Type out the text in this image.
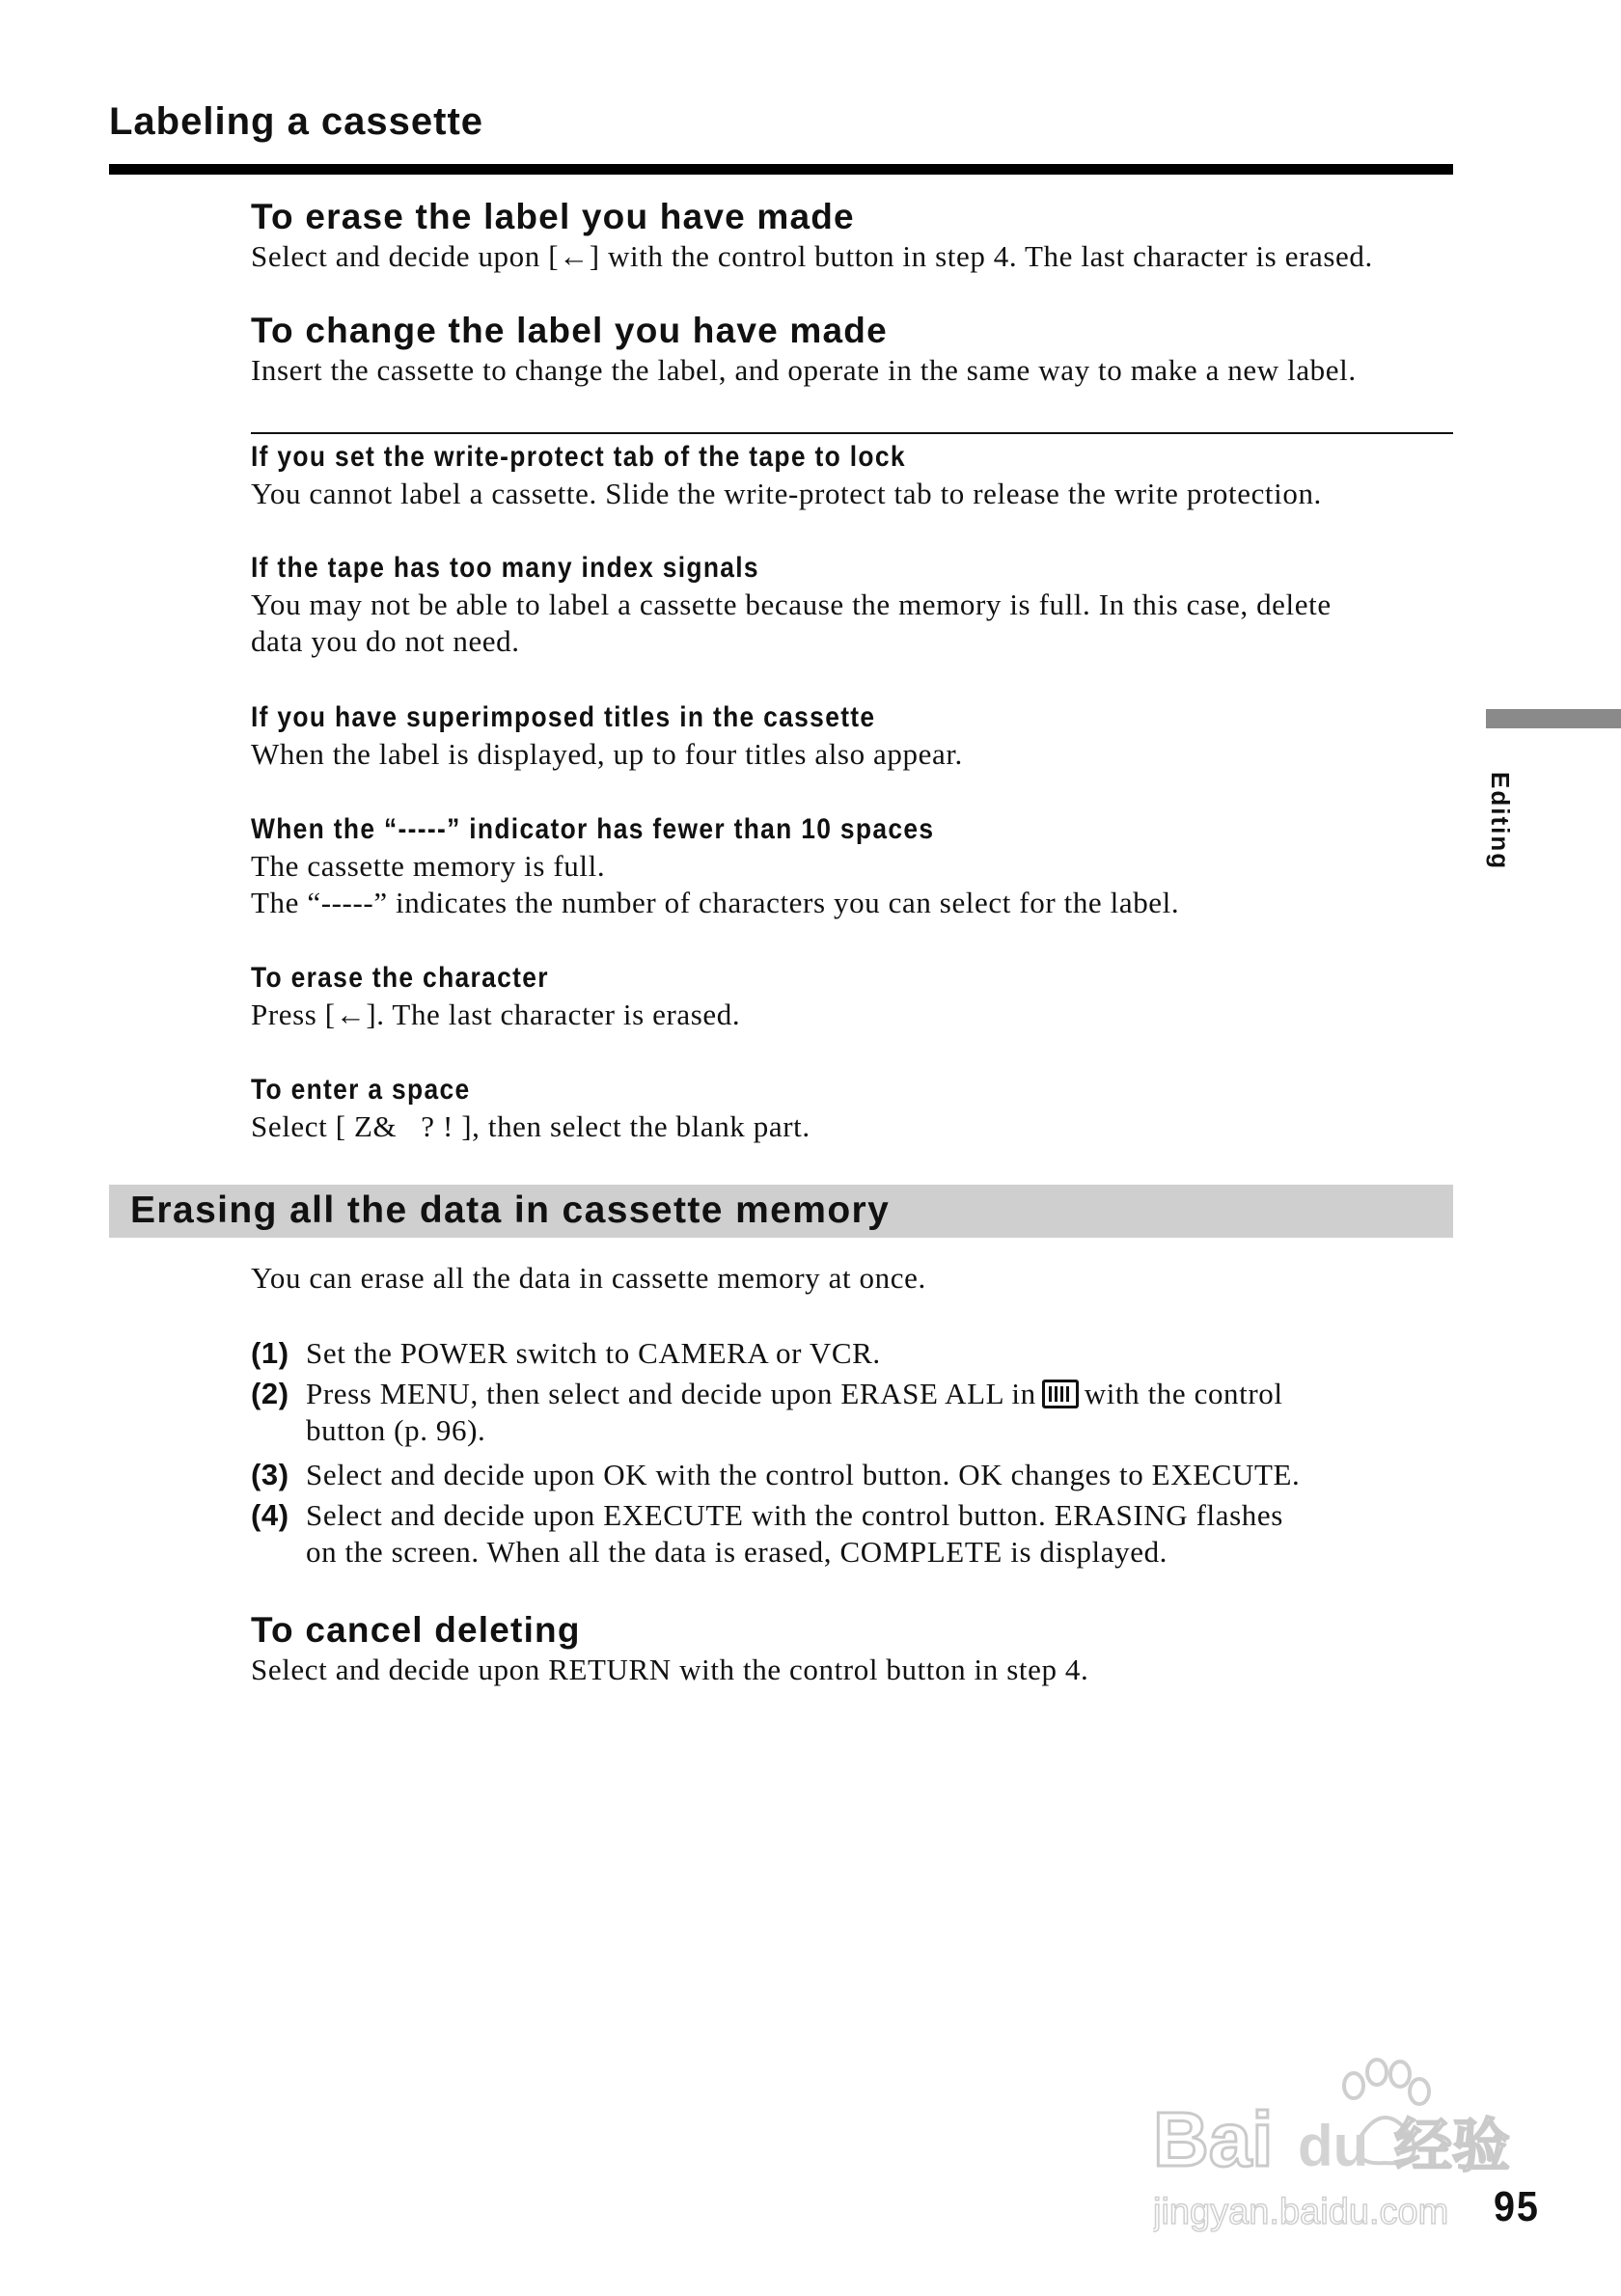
Labeling a cassette
To erase the label you have made

Select and decide upon [←] with the control button in step 4. The last character is erased.

To change the label you have made

Insert the cassette to change the label, and operate in the same way to make a new label.

If you set the write-protect tab of the tape to lock

You cannot label a cassette. Slide the write-protect tab to release the write protection.

If the tape has too many index signals

You may not be able to label a cassette because the memory is full. In this case, delete

data you do not need.

If you have superimposed titles in the cassette

When the label is displayed, up to four titles also appear.

When the “-----” indicator has fewer than 10 spaces

The cassette memory is full.

The “-----” indicates the number of characters you can select for the label.

To erase the character

Press [←]. The last character is erased.

To enter a space

Select [ Z&   ? ! ], then select the blank part.

Erasing all the data in cassette memory

You can erase all the data in cassette memory at once.

(1) Set the POWER switch to CAMERA or VCR.
(2) Press MENU, then select and decide upon ERASE ALL in with the control
button (p. 96).
(3) Select and decide upon OK with the control button. OK changes to EXECUTE.
(4) Select and decide upon EXECUTE with the control button. ERASING flashes
on the screen. When all the data is erased, COMPLETE is displayed.
To cancel deleting

Select and decide upon RETURN with the control button in step 4.

Editing
95
Bai du 经验
jingyan.baidu.com
